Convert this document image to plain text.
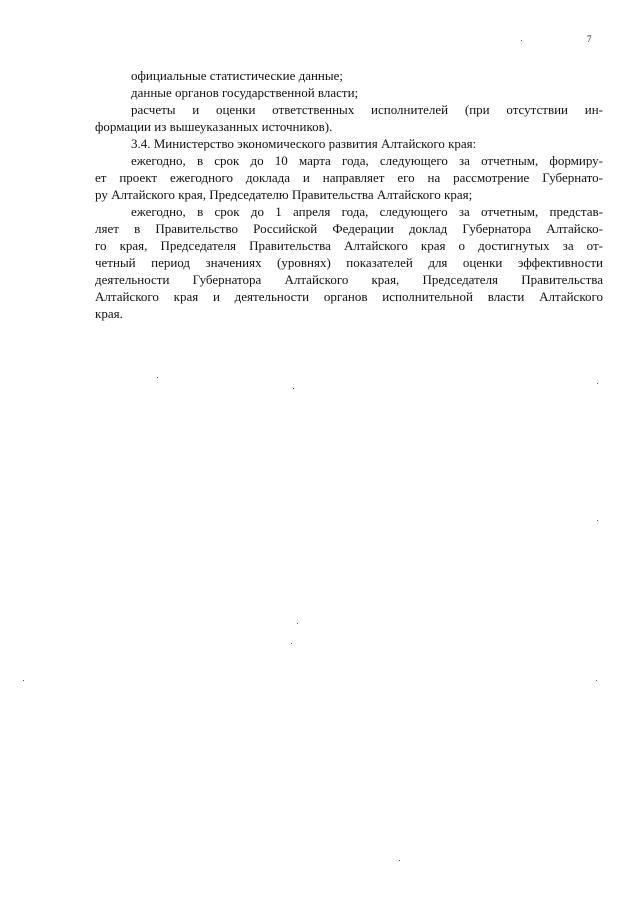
7
официальные статистические данные;
данные органов государственной власти;
расчеты и оценки ответственных исполнителей (при отсутствии ин-
формации из вышеуказанных источников).
3.4. Министерство экономического развития Алтайского края:
ежегодно, в срок до 10 марта года, следующего за отчетным, формиру-
ет проект ежегодного доклада и направляет его на рассмотрение Губернато-
ру Алтайского края, Председателю Правительства Алтайского края;
ежегодно, в срок до 1 апреля года, следующего за отчетным, представ-
ляет в Правительство Российской Федерации доклад Губернатора Алтайско-
го края, Председателя Правительства Алтайского края о достигнутых за от-
четный период значениях (уровнях) показателей для оценки эффективности
деятельности Губернатора Алтайского края, Председателя Правительства
Алтайского края и деятельности органов исполнительной власти Алтайского
края.
